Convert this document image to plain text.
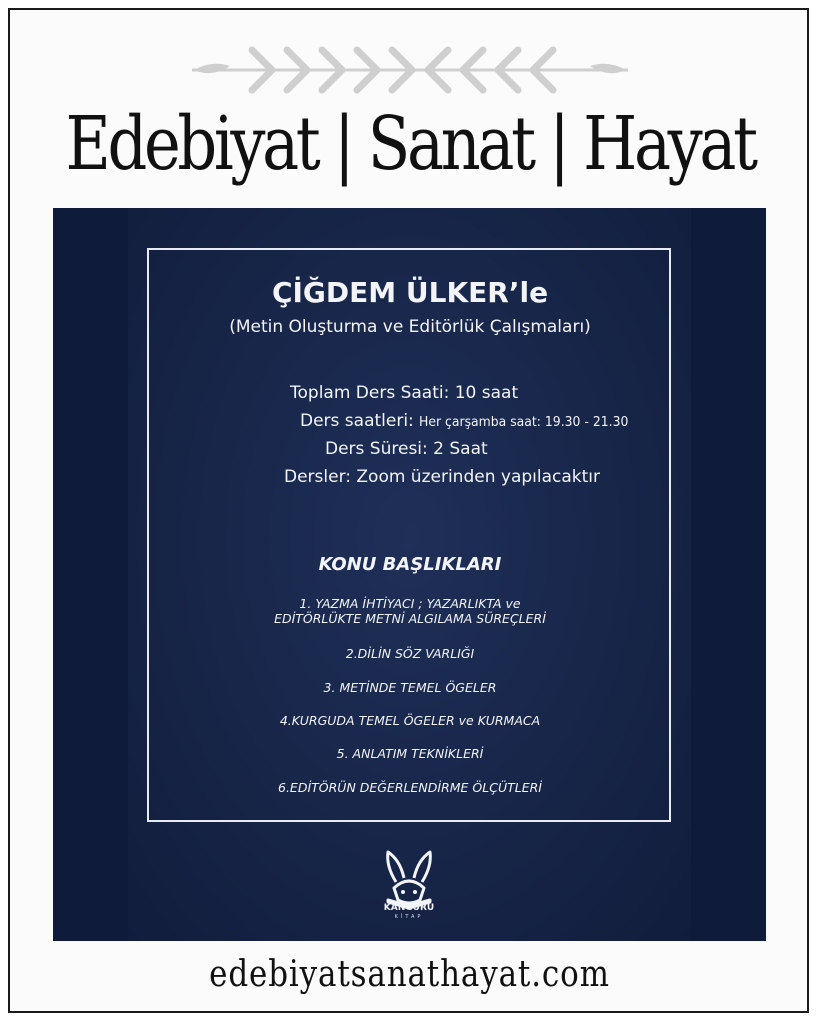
Edebiyat | Sanat | Hayat
ÇİĞDEM ÜLKER’le
(Metin Oluşturma ve Editörlük Çalışmaları)
Toplam Ders Saati: 10 saat
Ders saatleri: Her çarşamba saat: 19.30 - 21.30
Ders Süresi: 2 Saat
Dersler: Zoom üzerinden yapılacaktır
KONU BAŞLIKLARI
1. YAZMA İHTİYACI ; YAZARLIKTA ve
EDİTÖRLÜKTE METNİ ALGILAMA SÜREÇLERİ
2.DİLİN SÖZ VARLIĞI
3. METİNDE TEMEL ÖGELER
4.KURGUDA TEMEL ÖGELER ve KURMACA
5. ANLATIM TEKNİKLERİ
6.EDİTÖRÜN DEĞERLENDİRME ÖLÇÜTLERİ
KANGURU
KİTAP
edebiyatsanathayat.com
